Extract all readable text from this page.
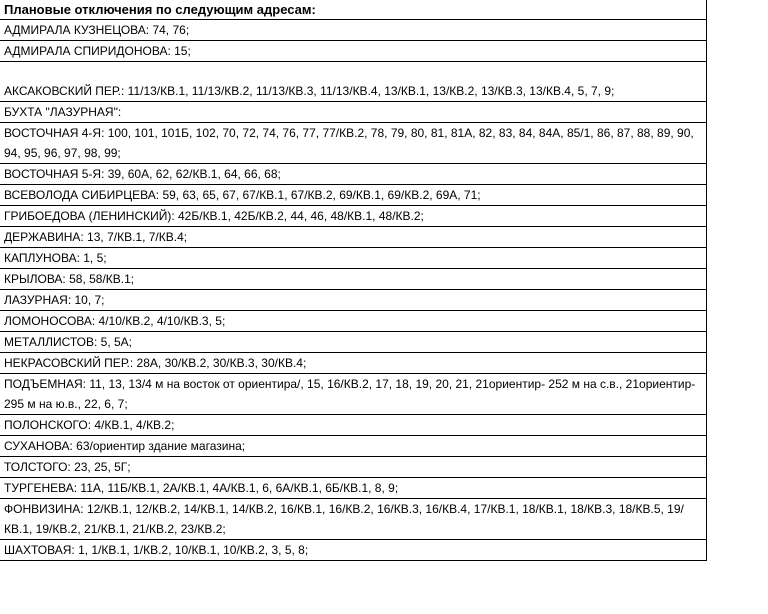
Плановые отключения по следующим адресам:
АДМИРАЛА КУЗНЕЦОВА: 74, 76;
АДМИРАЛА СПИРИДОНОВА: 15;
АКСАКОВСКИЙ ПЕР.: 11/13/КВ.1, 11/13/КВ.2, 11/13/КВ.3, 11/13/КВ.4, 13/КВ.1, 13/КВ.2, 13/КВ.3, 13/КВ.4, 5, 7, 9;
БУХТА "ЛАЗУРНАЯ":
ВОСТОЧНАЯ 4-Я: 100, 101, 101Б, 102, 70, 72, 74, 76, 77, 77/КВ.2, 78, 79, 80, 81, 81А, 82, 83, 84, 84А, 85/1, 86, 87, 88, 89, 90, 94, 95, 96, 97, 98, 99;
ВОСТОЧНАЯ 5-Я: 39, 60А, 62, 62/КВ.1, 64, 66, 68;
ВСЕВОЛОДА СИБИРЦЕВА: 59, 63, 65, 67, 67/КВ.1, 67/КВ.2, 69/КВ.1, 69/КВ.2, 69А, 71;
ГРИБОЕДОВА (ЛЕНИНСКИЙ): 42Б/КВ.1, 42Б/КВ.2, 44, 46, 48/КВ.1, 48/КВ.2;
ДЕРЖАВИНА: 13, 7/КВ.1, 7/КВ.4;
КАПЛУНОВА: 1, 5;
КРЫЛОВА: 58, 58/КВ.1;
ЛАЗУРНАЯ: 10, 7;
ЛОМОНОСОВА: 4/10/КВ.2, 4/10/КВ.3, 5;
МЕТАЛЛИСТОВ: 5, 5А;
НЕКРАСОВСКИЙ ПЕР.: 28А, 30/КВ.2, 30/КВ.3, 30/КВ.4;
ПОДЪЕМНАЯ: 11, 13, 13/4 м на восток от ориентира/, 15, 16/КВ.2, 17, 18, 19, 20, 21, 21ориентир- 252 м на с.в., 21ориентир- 295 м на ю.в., 22, 6, 7;
ПОЛОНСКОГО: 4/КВ.1, 4/КВ.2;
СУХАНОВА: 63/ориентир здание магазина;
ТОЛСТОГО: 23, 25, 5Г;
ТУРГЕНЕВА: 11А, 11Б/КВ.1, 2А/КВ.1, 4А/КВ.1, 6, 6А/КВ.1, 6Б/КВ.1, 8, 9;
ФОНВИЗИНА: 12/КВ.1, 12/КВ.2, 14/КВ.1, 14/КВ.2, 16/КВ.1, 16/КВ.2, 16/КВ.3, 16/КВ.4, 17/КВ.1, 18/КВ.1, 18/КВ.3, 18/КВ.5, 19/КВ.1, 19/КВ.2, 21/КВ.1, 21/КВ.2, 23/КВ.2;
ШАХТОВАЯ: 1, 1/КВ.1, 1/КВ.2, 10/КВ.1, 10/КВ.2, 3, 5, 8;
